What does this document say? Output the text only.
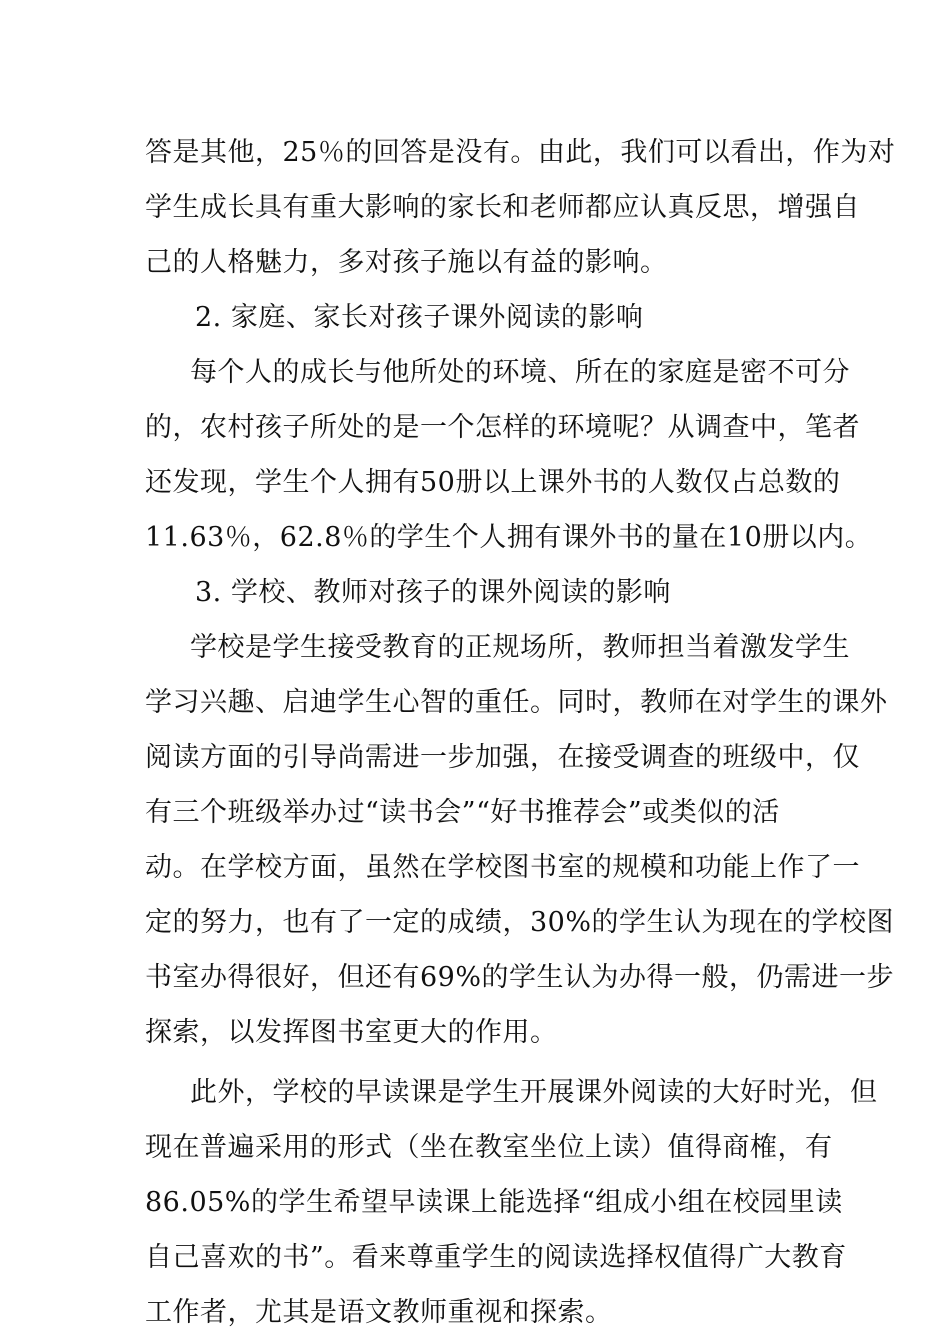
答是其他，25％的回答是没有。由此，我们可以看出，作为对
学生成长具有重大影响的家长和老师都应认真反思，增强自
己的人格魅力，多对孩子施以有益的影响。
2. 家庭、家长对孩子课外阅读的影响
每个人的成长与他所处的环境、所在的家庭是密不可分
的，农村孩子所处的是一个怎样的环境呢？从调查中，笔者
还发现，学生个人拥有50册以上课外书的人数仅占总数的
11.63％，62.8％的学生个人拥有课外书的量在10册以内。
3. 学校、教师对孩子的课外阅读的影响
学校是学生接受教育的正规场所，教师担当着激发学生
学习兴趣、启迪学生心智的重任。同时，教师在对学生的课外
阅读方面的引导尚需进一步加强，在接受调查的班级中，仅
有三个班级举办过“读书会”“好书推荐会”或类似的活
动。在学校方面，虽然在学校图书室的规模和功能上作了一
定的努力，也有了一定的成绩，30%的学生认为现在的学校图
书室办得很好，但还有69%的学生认为办得一般，仍需进一步
探索，以发挥图书室更大的作用。
此外，学校的早读课是学生开展课外阅读的大好时光，但
现在普遍采用的形式（坐在教室坐位上读）值得商榷，有
86.05%的学生希望早读课上能选择“组成小组在校园里读
自己喜欢的书”。看来尊重学生的阅读选择权值得广大教育
工作者，尤其是语文教师重视和探索。
